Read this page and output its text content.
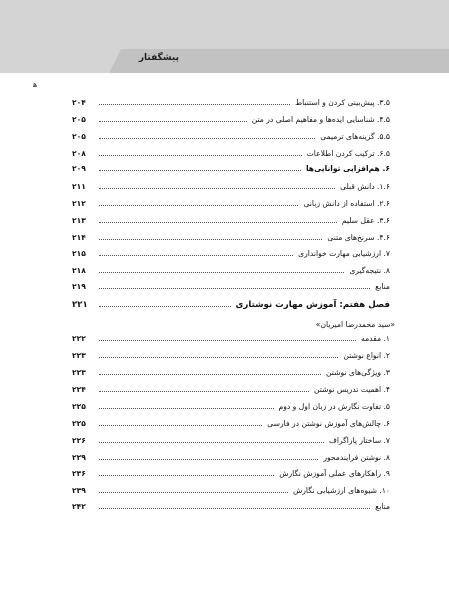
پیشگفتار
ﻫ
۳.۵. پیش‌بینی کردن و استنباط
۲۰۴
۴.۵. شناسایی ایده‌ها و مفاهیم اصلی در متن
۲۰۵
۵.۵. گزینه‌های ترمیمی
۲۰۵
۶.۵. ترکیب کردن اطلاعات
۲۰۸
۶. هم‌افزایی توانایی‌ها
۲۰۹
۱.۶. دانش قبلی
۲۱۱
۲.۶. استفاده از دانش زبانی
۲۱۲
۳.۶. عقل سلیم
۲۱۳
۴.۶. سرنخ‌های متنی
۲۱۴
۷. ارزشیابی مهارت خوانداری
۲۱۵
۸. نتیجه‌گیری
۲۱۸
منابع
۲۱۹
فصل هفتم: آموزش مهارت نوشتاری
۲۲۱
۱. مقدمه
۲۲۲
۲. انواع نوشتن
۲۲۳
۳. ویژگی‌های نوشتن
۲۲۳
۴. اهمیت تدریس نوشتن
۲۲۴
۵. تفاوت نگارش در زبان اول و دوم
۲۲۵
۶. چالش‌های آموزش نوشتن در فارسی
۲۲۵
۷. ساختار پاراگراف
۲۲۶
۸. نوشتن فرایندمحور
۲۲۹
۹. راهکارهای عملی آموزش نگارش
۲۳۶
۱۰. شیوه‌های ارزشیابی نگارش
۲۳۹
منابع
۲۴۲
«سید محمدرضا امیریان»
